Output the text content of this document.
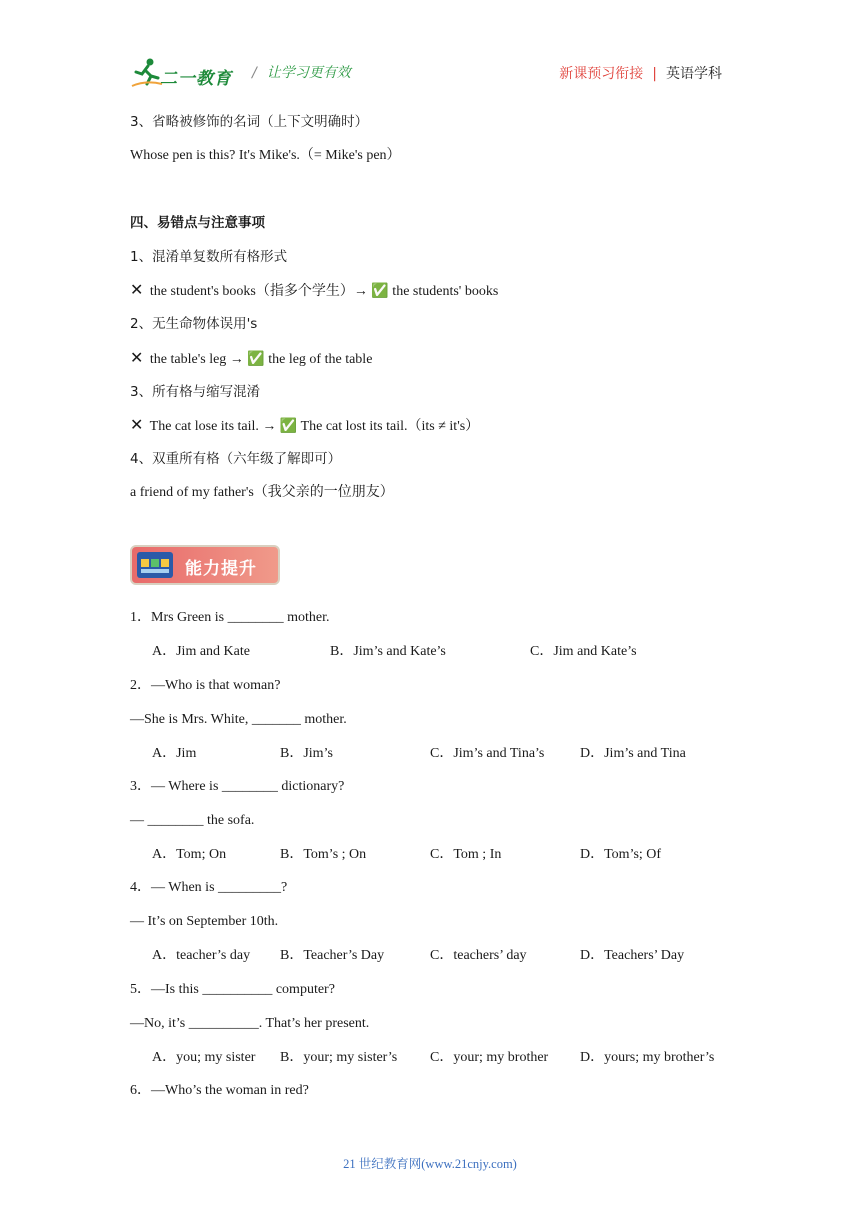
二一教育 / 让学习更有效	新课预习衔接 | 英语学科
3、省略被修饰的名词（上下文明确时）
Whose pen is this? It's Mike's.（= Mike's pen）
四、易错点与注意事项
1、混淆单复数所有格形式
✕ the student's books（指多个学生）→ ✅ the students' books
2、无生命物体误用's
✕ the table's leg → ✅ the leg of the table
3、所有格与缩写混淆
✕ The cat lose its tail. → ✅ The cat lost its tail.（its ≠ it's）
4、双重所有格（六年级了解即可）
a friend of my father's（我父亲的一位朋友）
能力提升
1．Mrs Green is ________ mother.
A．Jim and Kate	B．Jim’s and Kate’s	C．Jim and Kate’s
2．—Who is that woman?
—She is Mrs. White, _______ mother.
A．Jim	B．Jim’s	C．Jim’s and Tina’s	D．Jim’s and Tina
3．— Where is ________ dictionary?
— ________ the sofa.
A．Tom; On	B．Tom’s ; On	C．Tom ; In	D．Tom’s; Of
4．— When is _________?
— It’s on September 10th.
A．teacher’s day B．Teacher’s Day	C．teachers’ day	D．Teachers’ Day
5．—Is this __________ computer?
—No, it’s __________. That’s her present.
A．you; my sister B．your; my sister’s C．your; my brother D．yours; my brother’s
6．—Who’s the woman in red?
21 世纪教育网(www.21cnjy.com)
